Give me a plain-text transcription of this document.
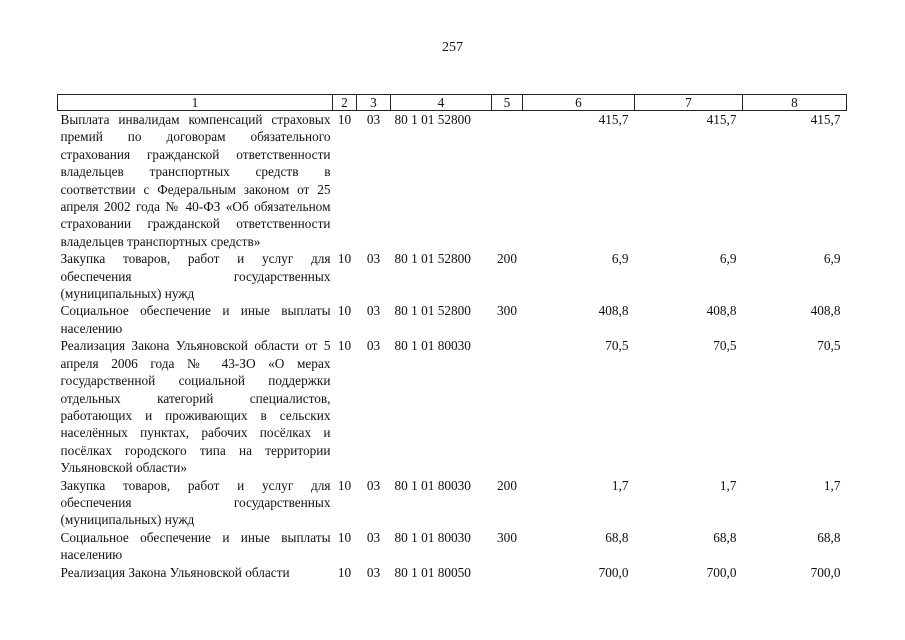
257
1	2	3	4	5	6	7	8
Выплата инвалидам компенсаций страховых премий по договорам обязательного страхования гражданской ответственности владельцев транспортных средств в соответствии с Федеральным законом от 25 апреля 2002 года № 40-ФЗ «Об обязательном страховании гражданской ответственности владельцев транспортных средств»	10	03	80 1 01 52800		415,7	415,7	415,7
Закупка товаров, работ и услуг для обеспечения государственных (муниципальных) нужд	10	03	80 1 01 52800	200	6,9	6,9	6,9
Социальное обеспечение и иные выплаты населению	10	03	80 1 01 52800	300	408,8	408,8	408,8
Реализация Закона Ульяновской области от 5 апреля 2006 года № 43-ЗО «О мерах государственной социальной поддержки отдельных категорий специалистов, работающих и проживающих в сельских населённых пунктах, рабочих посёлках и посёлках городского типа на территории Ульяновской области»	10	03	80 1 01 80030		70,5	70,5	70,5
Закупка товаров, работ и услуг для обеспечения государственных (муниципальных) нужд	10	03	80 1 01 80030	200	1,7	1,7	1,7
Социальное обеспечение и иные выплаты населению	10	03	80 1 01 80030	300	68,8	68,8	68,8
Реализация Закона Ульяновской области	10	03	80 1 01 80050		700,0	700,0	700,0
